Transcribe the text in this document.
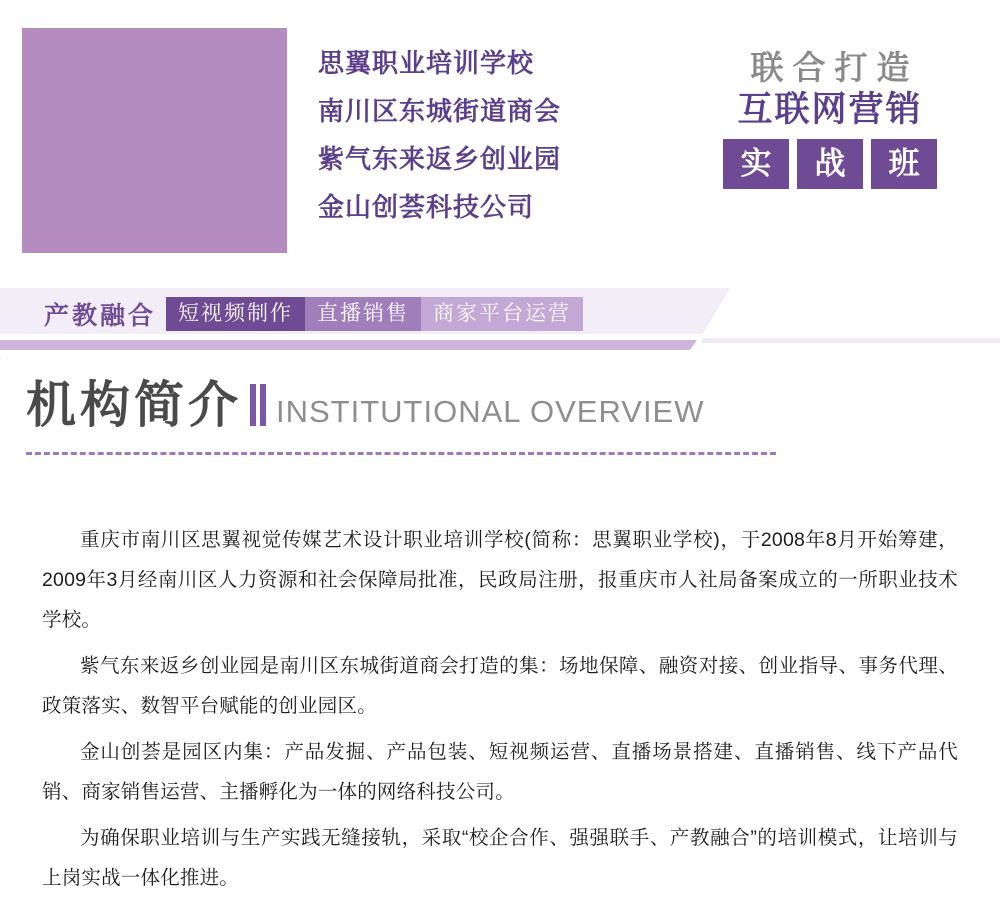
思翼职业培训学校
南川区东城街道商会
紫气东来返乡创业园
金山创荟科技公司
联合打造
互联网营销
实	战	班
产教融合	短视频制作	直播销售	商家平台运营
机构简介 INSTITUTIONAL OVERVIEW

重庆市南川区思翼视觉传媒艺术设计职业培训学校(简称：思翼职业学校)，于2008年8月开始筹建，2009年3月经南川区人力资源和社会保障局批准，民政局注册，报重庆市人社局备案成立的一所职业技术学校。

紫气东来返乡创业园是南川区东城街道商会打造的集：场地保障、融资对接、创业指导、事务代理、政策落实、数智平台赋能的创业园区。

金山创荟是园区内集：产品发掘、产品包装、短视频运营、直播场景搭建、直播销售、线下产品代销、商家销售运营、主播孵化为一体的网络科技公司。

为确保职业培训与生产实践无缝接轨，采取“校企合作、强强联手、产教融合”的培训模式，让培训与上岗实战一体化推进。
